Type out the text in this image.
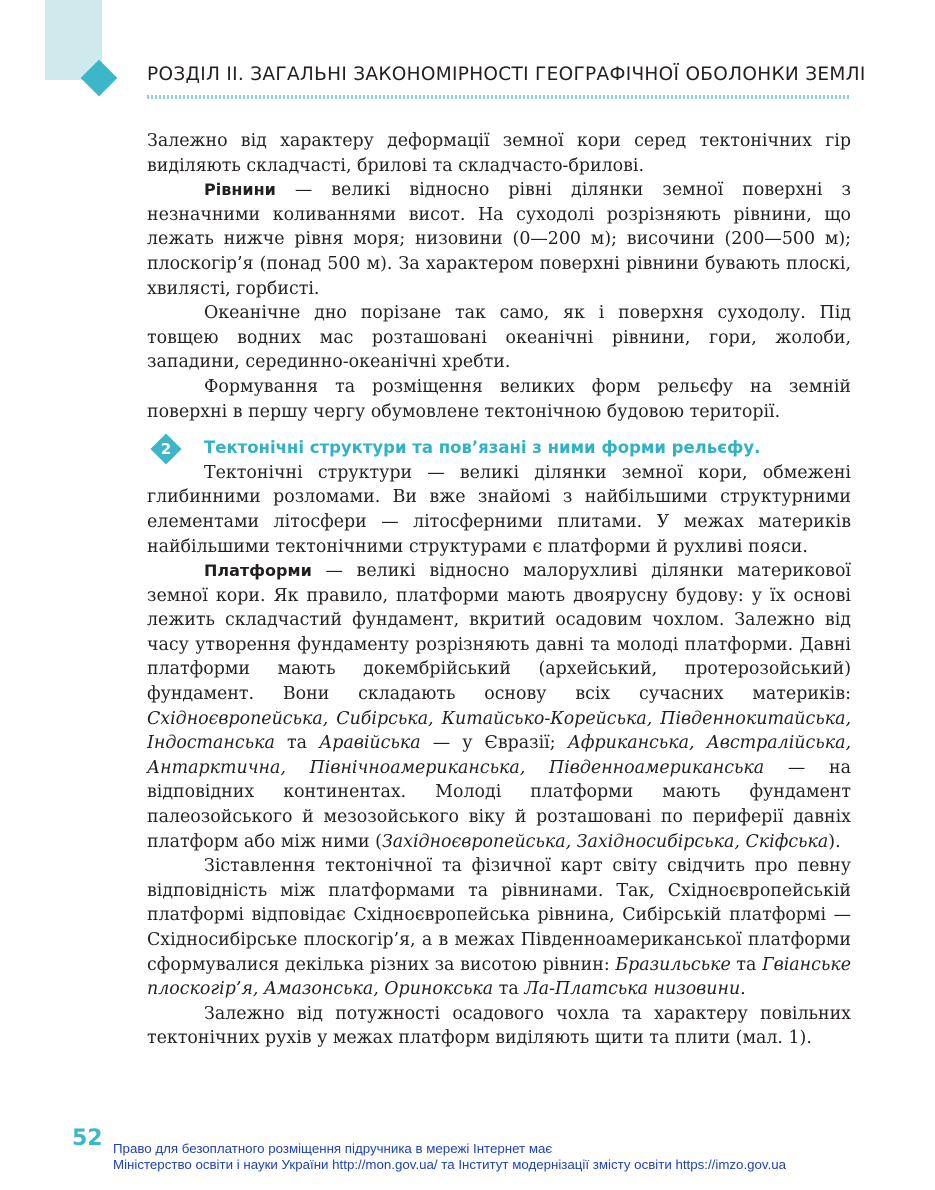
РОЗДІЛ ІІ. ЗАГАЛЬНІ ЗАКОНОМІРНОСТІ ГЕОГРАФІЧНОЇ ОБОЛОНКИ ЗЕМЛІ

Залежно від характеру деформації земної кори серед тектонічних гір виділяють складчасті, брилові та складчасто-брилові.

Рівнини — великі відносно рівні ділянки земної поверхні з незначними коливаннями висот. На суходолі розрізняють рівнини, що лежать нижче рівня моря; низовини (0—200 м); височини (200—500 м); плоскогір’я (понад 500 м). За характером поверхні рівнини бувають плоскі, хвилясті, горбисті.

Океанічне дно порізане так само, як і поверхня суходолу. Під товщею водних мас розташовані океанічні рівнини, гори, жолоби, западини, серединно-океанічні хребти.

Формування та розміщення великих форм рельєфу на земній поверхні в першу чергу обумовлене тектонічною будовою території.

2	Тектонічні структури та пов’язані з ними форми рельєфу.

Тектонічні структури — великі ділянки земної кори, обмежені глибинними розломами. Ви вже знайомі з найбільшими структурними елементами літосфери — літосферними плитами. У межах материків найбільшими тектонічними структурами є платформи й рухливі пояси.

Платформи — великі відносно малорухливі ділянки материкової земної кори. Як правило, платформи мають двоярусну будову: у їх основі лежить складчастий фундамент, вкритий осадовим чохлом. Залежно від часу утворення фундаменту розрізняють давні та молоді платформи. Давні платформи мають докембрійський (архейський, протерозойський) фундамент. Вони складають основу всіх сучасних материків: Східноєвропейська, Сибірська, Китайсько-Корейська, Південнокитайська, Індостанська та Аравійська — у Євразії; Африканська, Австралійська, Антарктична, Північноамериканська, Південноамериканська — на відповідних континентах. Молоді платформи мають фундамент палеозойського й мезозойського віку й розташовані по периферії давніх платформ або між ними (Західноєвропейська, Західносибірська, Скіфська).

Зіставлення тектонічної та фізичної карт світу свідчить про певну відповідність між платформами та рівнинами. Так, Східноєвропейській платформі відповідає Східноєвропейська рівнина, Сибірській платформі — Східносибірське плоскогір’я, а в межах Південноамериканської платформи сформувалися декілька різних за висотою рівнин: Бразильське та Гвіанське плоскогір’я, Амазонська, Оринокська та Ла-Платська низовини.

Залежно від потужності осадового чохла та характеру повільних тектонічних рухів у межах платформ виділяють щити та плити (мал. 1).

52 Право для безоплатного розміщення підручника в мережі Інтернет має
Міністерство освіти і науки України http://mon.gov.ua/ та Інститут модернізації змісту освіти https://imzo.gov.ua
